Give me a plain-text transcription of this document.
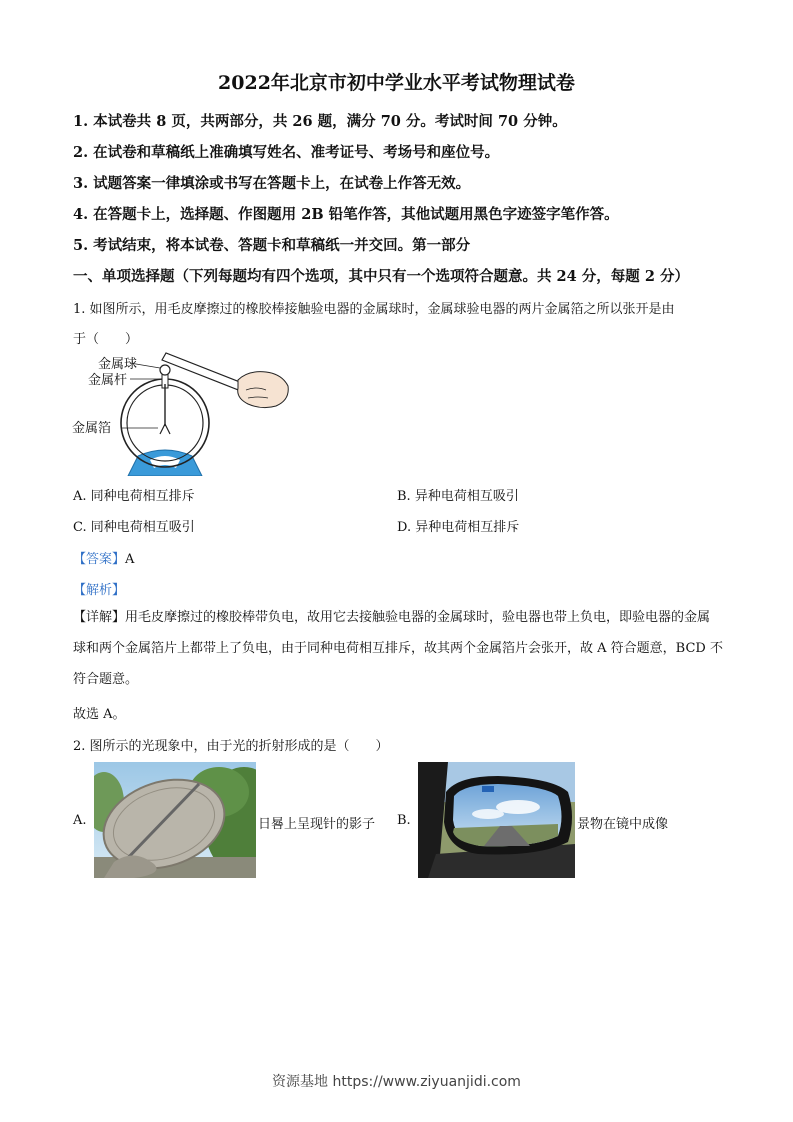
2022年北京市初中学业水平考试物理试卷
1. 本试卷共 8 页，共两部分，共 26 题，满分 70 分。考试时间 70 分钟。
2. 在试卷和草稿纸上准确填写姓名、准考证号、考场号和座位号。
3. 试题答案一律填涂或书写在答题卡上，在试卷上作答无效。
4. 在答题卡上，选择题、作图题用 2B 铅笔作答，其他试题用黑色字迹签字笔作答。
5. 考试结束，将本试卷、答题卡和草稿纸一并交回。第一部分
一、单项选择题（下列每题均有四个选项，其中只有一个选项符合题意。共 24 分，每题 2 分）
1. 如图所示，用毛皮摩擦过的橡胶棒接触验电器的金属球时，金属球验电器的两片金属箔之所以张开是由
于（　　）
金属球
金属杆
金属箔
A. 同种电荷相互排斥	B. 异种电荷相互吸引
C. 同种电荷相互吸引	D. 异种电荷相互排斥
【答案】A
【解析】
【详解】用毛皮摩擦过的橡胶棒带负电，故用它去接触验电器的金属球时，验电器也带上负电，即验电器的金属球和两个金属箔片上都带上了负电，由于同种电荷相互排斥，故其两个金属箔片会张开，故 A 符合题意，BCD 不符合题意。
故选 A。
2. 图所示的光现象中，由于光的折射形成的是（　　）
A.	日晷上呈现针的影子 B.	景物在镜中成像
资源基地 https://www.ziyuanjidi.com
